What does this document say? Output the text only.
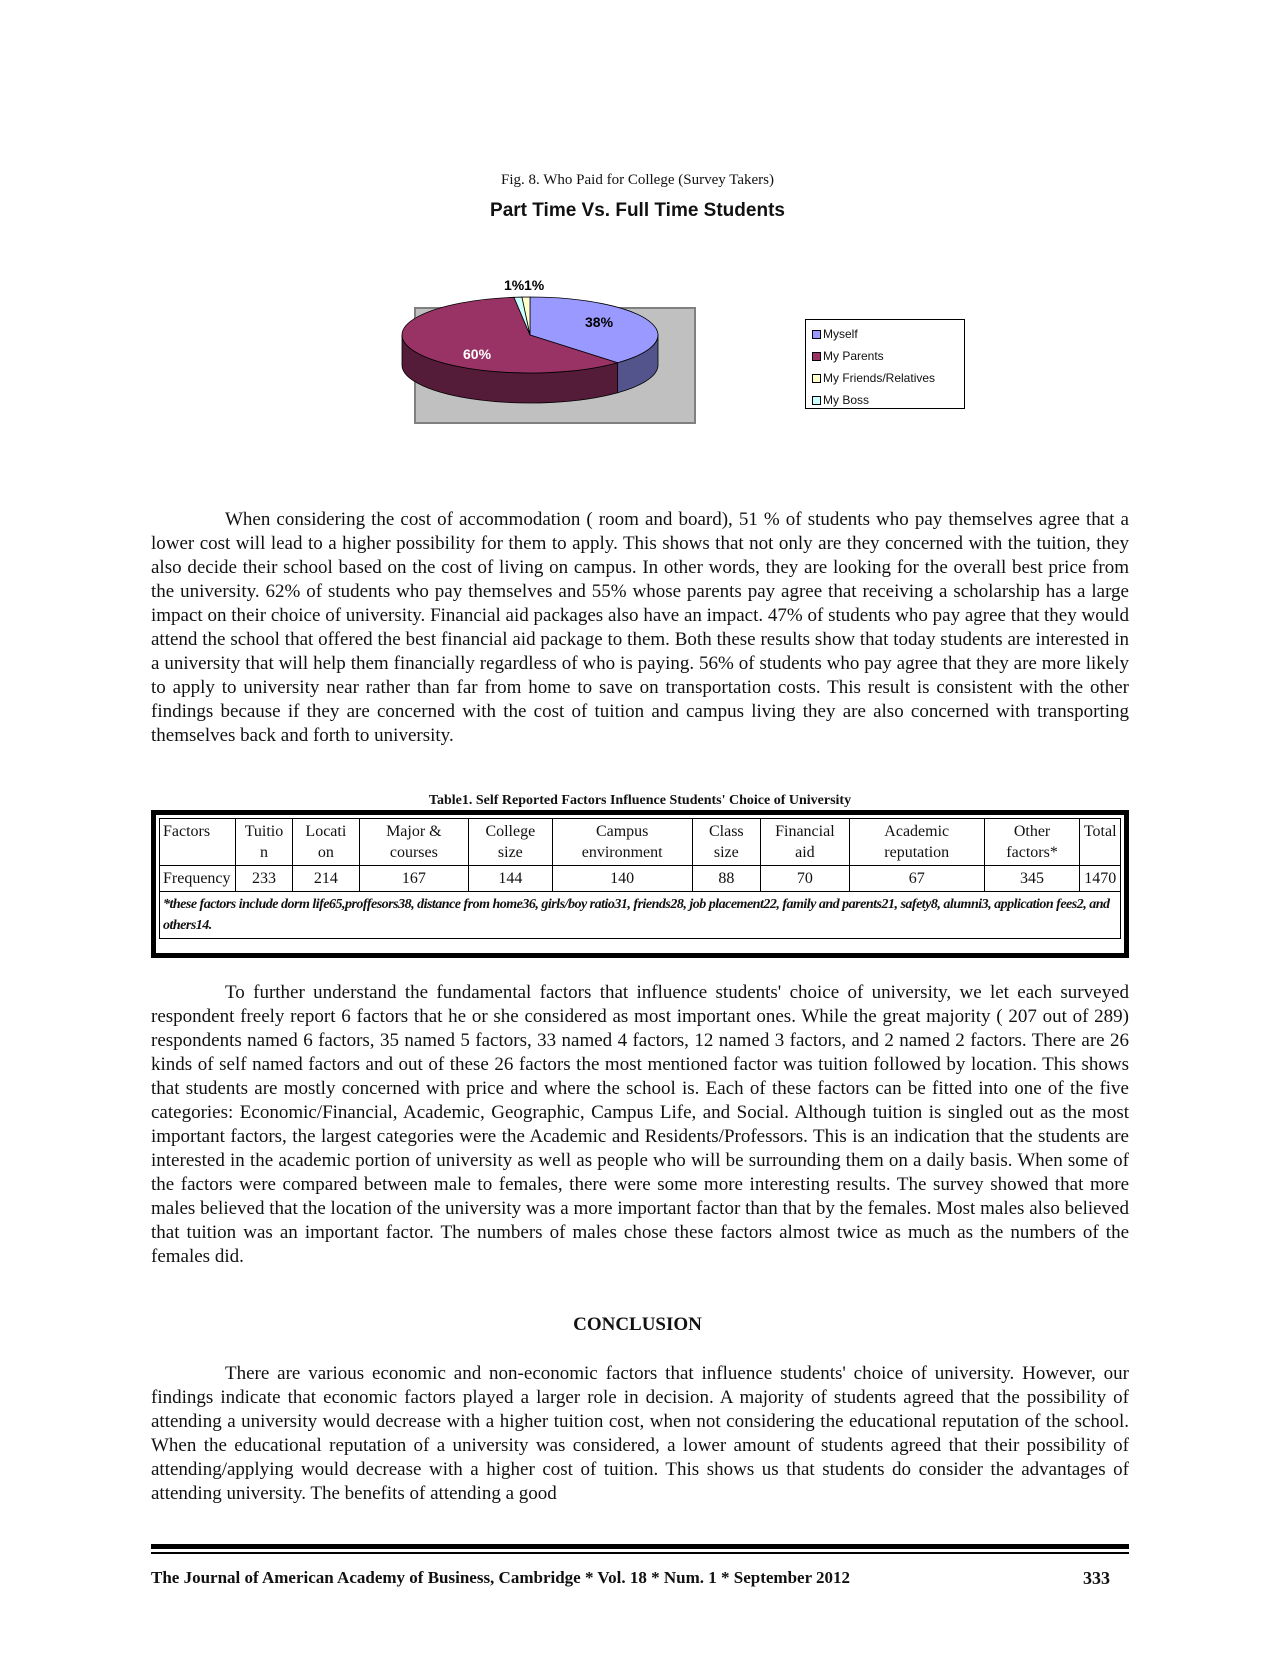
Fig. 8. Who Paid for College (Survey Takers)
Part Time Vs. Full Time Students
38%
60%
1%
1%
Myself
My Parents
My Friends/Relatives
My Boss

When considering the cost of accommodation ( room and board), 51 % of students who pay themselves agree that a lower cost will lead to a higher possibility for them to apply. This shows that not only are they concerned with the tuition, they also decide their school based on the cost of living on campus. In other words, they are looking for the overall best price from the university. 62% of students who pay themselves and 55% whose parents pay agree that receiving a scholarship has a large impact on their choice of university. Financial aid packages also have an impact. 47% of students who pay agree that they would attend the school that offered the best financial aid package to them. Both these results show that today students are interested in a university that will help them financially regardless of who is paying. 56% of students who pay agree that they are more likely to apply to university near rather than far from home to save on transportation costs. This result is consistent with the other findings because if they are concerned with the cost of tuition and campus living they are also concerned with transporting themselves back and forth to university.

Table1. Self Reported Factors Influence Students' Choice of University
Factors	Tuitio n	Locati on	Major & courses	College size	Campus environment	Class size	Financial aid	Academic reputation	Other factors*	Total
Frequency	233	214	167	144	140	88	70	67	345	1470
*these factors include dorm life65,proffesors38, distance from home36, girls/boy ratio31, friends28, job placement22, family and parents21, safety8, alumni3, application fees2, and others14.										

To further understand the fundamental factors that influence students' choice of university, we let each surveyed respondent freely report 6 factors that he or she considered as most important ones. While the great majority ( 207 out of 289) respondents named 6 factors, 35 named 5 factors, 33 named 4 factors, 12 named 3 factors, and 2 named 2 factors. There are 26 kinds of self named factors and out of these 26 factors the most mentioned factor was tuition followed by location. This shows that students are mostly concerned with price and where the school is. Each of these factors can be fitted into one of the five categories: Economic/Financial, Academic, Geographic, Campus Life, and Social. Although tuition is singled out as the most important factors, the largest categories were the Academic and Residents/Professors. This is an indication that the students are interested in the academic portion of university as well as people who will be surrounding them on a daily basis. When some of the factors were compared between male to females, there were some more interesting results. The survey showed that more males believed that the location of the university was a more important factor than that by the females. Most males also believed that tuition was an important factor. The numbers of males chose these factors almost twice as much as the numbers of the females did.

CONCLUSION

There are various economic and non-economic factors that influence students' choice of university. However, our findings indicate that economic factors played a larger role in decision. A majority of students agreed that the possibility of attending a university would decrease with a higher tuition cost, when not considering the educational reputation of the school. When the educational reputation of a university was considered, a lower amount of students agreed that their possibility of attending/applying would decrease with a higher cost of tuition. This shows us that students do consider the advantages of attending university. The benefits of attending a good

The Journal of American Academy of Business, Cambridge * Vol. 18 * Num. 1 * September 2012	333
